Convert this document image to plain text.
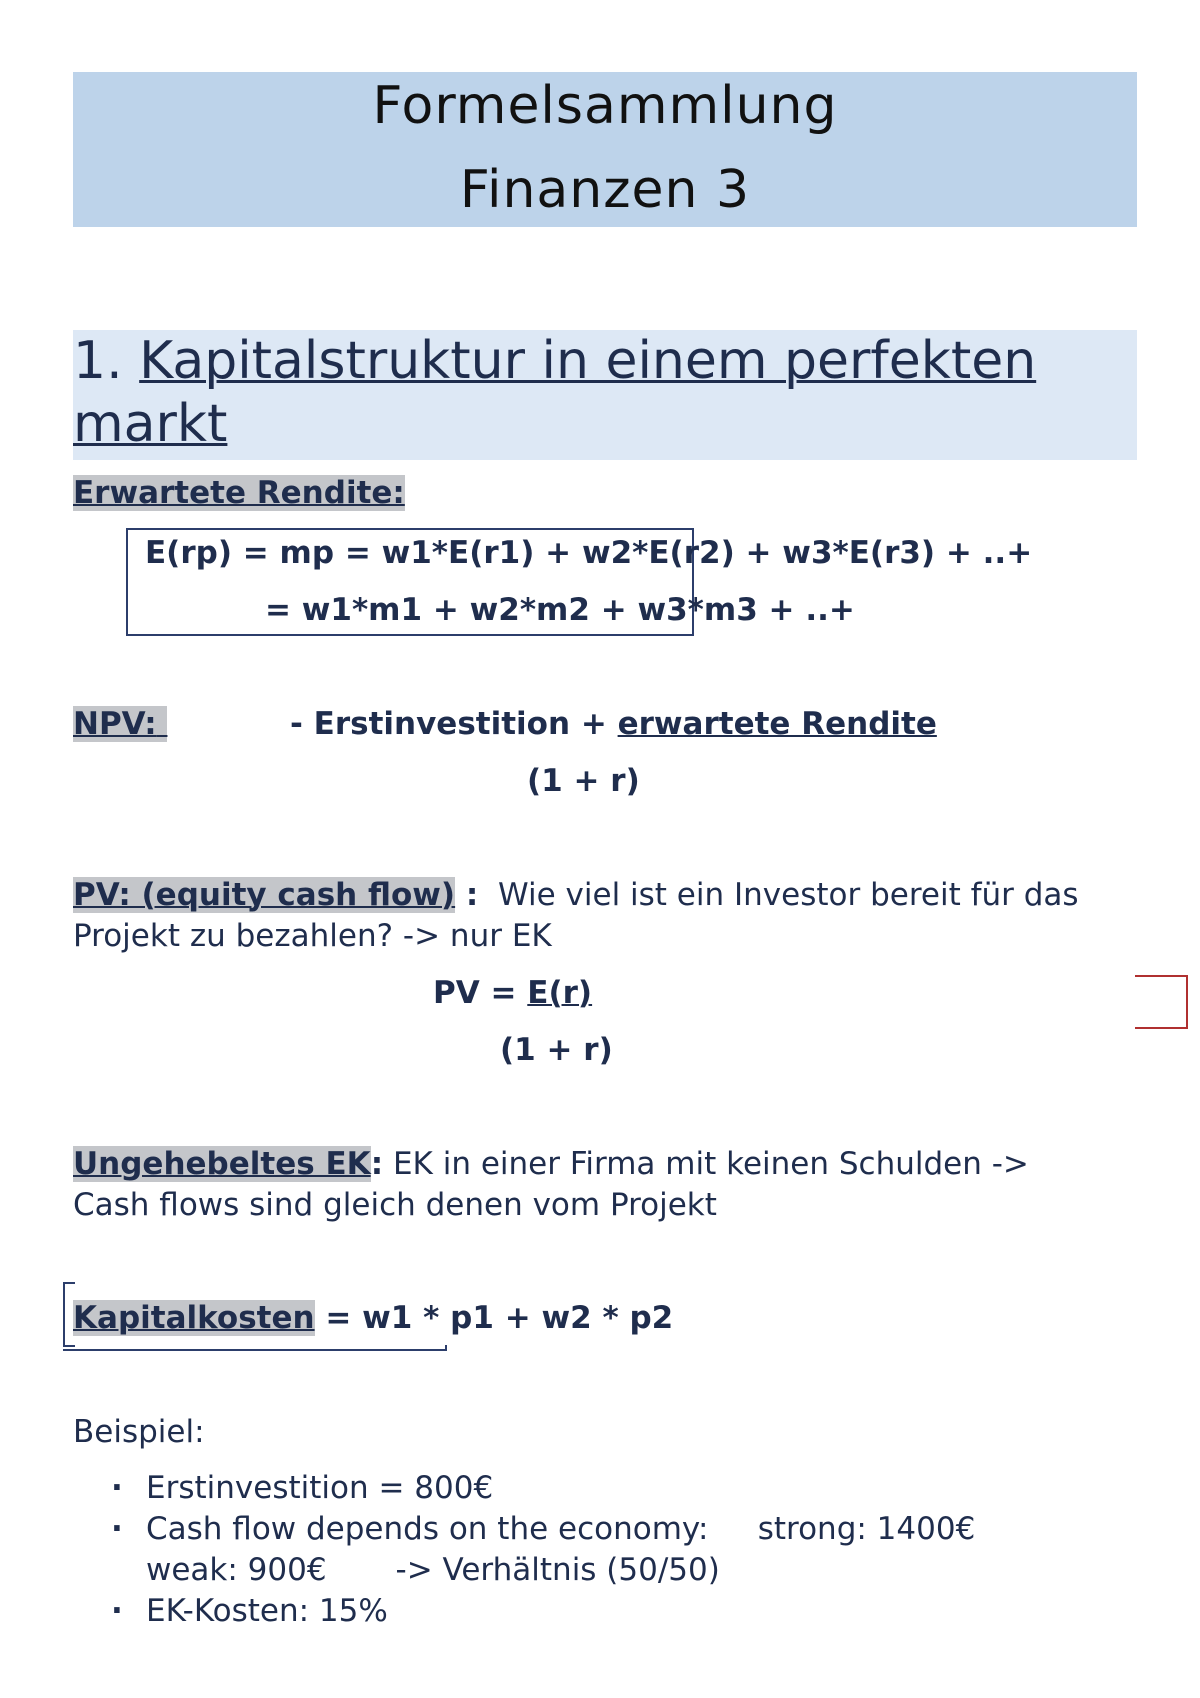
Formelsammlung
Finanzen 3
1. Kapitalstruktur in einem perfekten
markt
Erwartete Rendite:
E(rp) = mp = w1*E(r1) + w2*E(r2) + w3*E(r3) + ..+
= w1*m1 + w2*m2 + w3*m3 + ..+
NPV:	- Erstinvestition + erwartete Rendite
(1 + r)
PV: (equity cash flow) : Wie viel ist ein Investor bereit für das
Projekt zu bezahlen? -> nur EK
PV = E(r)
(1 + r)
Ungehebeltes EK: EK in einer Firma mit keinen Schulden ->
Cash flows sind gleich denen vom Projekt
Kapitalkosten = w1 * p1 + w2 * p2
Beispiel:
· Erstinvestition = 800€
· Cash flow depends on the economy:     strong: 1400€
weak: 900€       -> Verhältnis (50/50)
· EK-Kosten: 15%
